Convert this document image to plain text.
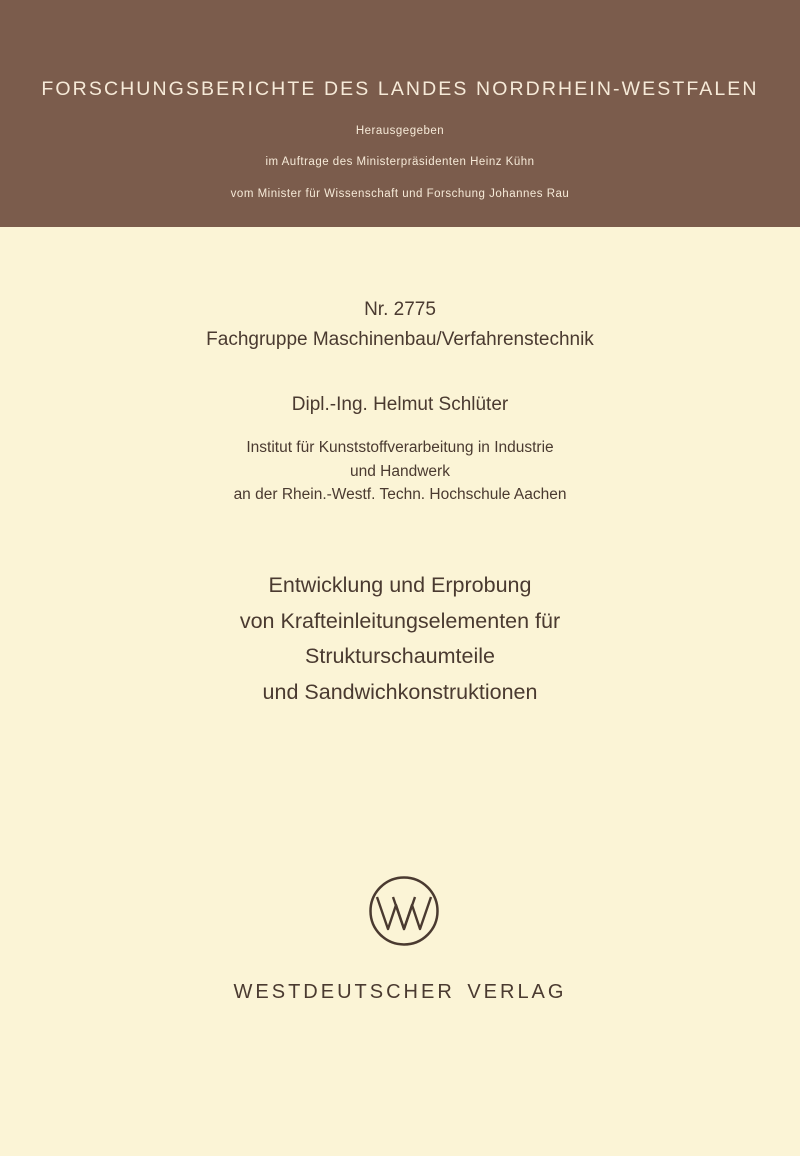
FORSCHUNGSBERICHTE DES LANDES NORDRHEIN-WESTFALEN
Herausgegeben
im Auftrage des Ministerpräsidenten Heinz Kühn
vom Minister für Wissenschaft und Forschung Johannes Rau
Nr. 2775
Fachgruppe Maschinenbau/Verfahrenstechnik
Dipl.-Ing. Helmut Schlüter
Institut für Kunststoffverarbeitung in Industrie
und Handwerk
an der Rhein.-Westf. Techn. Hochschule Aachen
Entwicklung und Erprobung
von Krafteinleitungselementen für
Strukturschaumteile
und Sandwichkonstruktionen
WESTDEUTSCHER VERLAG
